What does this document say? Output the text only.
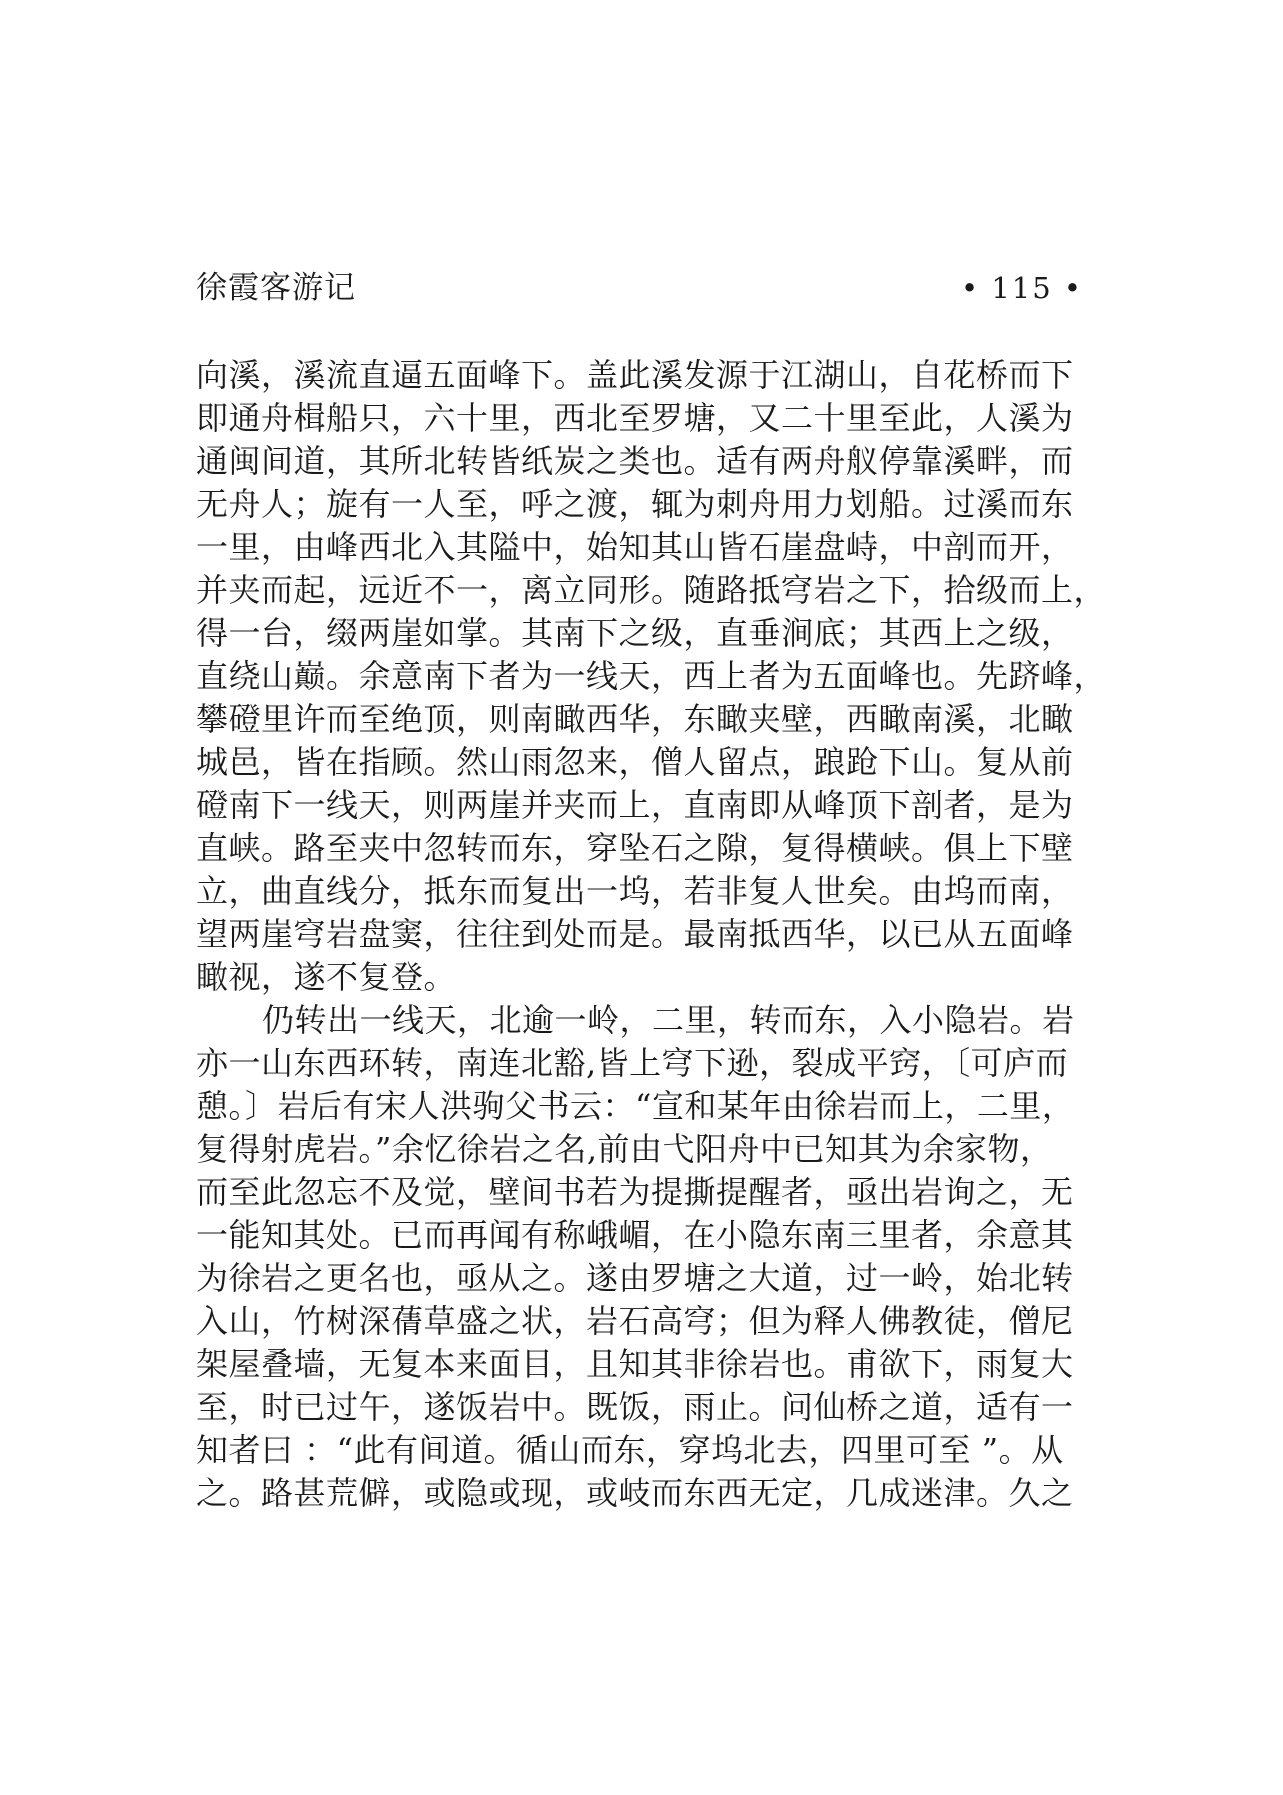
徐霞客游记	• 115 •
向溪，溪流直逼五面峰下。盖此溪发源于江湖山，自花桥而下
即通舟楫船只，六十里，西北至罗塘，又二十里至此，人溪为
通闽间道，其所北转皆纸炭之类也。适有两舟舣停靠溪畔，而
无舟人；旋有一人至，呼之渡，辄为刺舟用力划船。过溪而东
一里，由峰西北入其隘中，始知其山皆石崖盘峙，中剖而开，
并夹而起，远近不一，离立同形。随路抵穹岩之下，拾级而上，
得一台，缀两崖如掌。其南下之级，直垂涧底；其西上之级，
直绕山巅。余意南下者为一线天，西上者为五面峰也。先跻峰，
攀磴里许而至绝顶，则南瞰西华，东瞰夹壁，西瞰南溪，北瞰
城邑，皆在指顾。然山雨忽来，僧人留点，踉跄下山。复从前
磴南下一线天，则两崖并夹而上，直南即从峰顶下剖者，是为
直峡。路至夹中忽转而东，穿坠石之隙，复得横峡。俱上下壁
立，曲直线分，抵东而复出一坞，若非复人世矣。由坞而南，
望两崖穹岩盘窦，往往到处而是。最南抵西华，以已从五面峰
瞰视，遂不复登。
仍转出一线天，北逾一岭，二里，转而东，入小隐岩。岩
亦一山东西环转，南连北豁,皆上穹下逊，裂成平窍，〔可庐而
憩。〕岩后有宋人洪驹父书云：“宣和某年由徐岩而上，二里，
复得射虎岩。”余忆徐岩之名,前由弋阳舟中已知其为余家物，
而至此忽忘不及觉，壁间书若为提撕提醒者，亟出岩询之，无
一能知其处。已而再闻有称峨嵋，在小隐东南三里者，余意其
为徐岩之更名也，亟从之。遂由罗塘之大道，过一岭，始北转
入山，竹树深蒨草盛之状，岩石高穹；但为释人佛教徒，僧尼
架屋叠墙，无复本来面目，且知其非徐岩也。甫欲下，雨复大
至，时已过午，遂饭岩中。既饭，雨止。问仙桥之道，适有一
知者曰 ：“此有间道。循山而东，穿坞北去，四里可至 ”。从
之。路甚荒僻，或隐或现，或岐而东西无定，几成迷津。久之
